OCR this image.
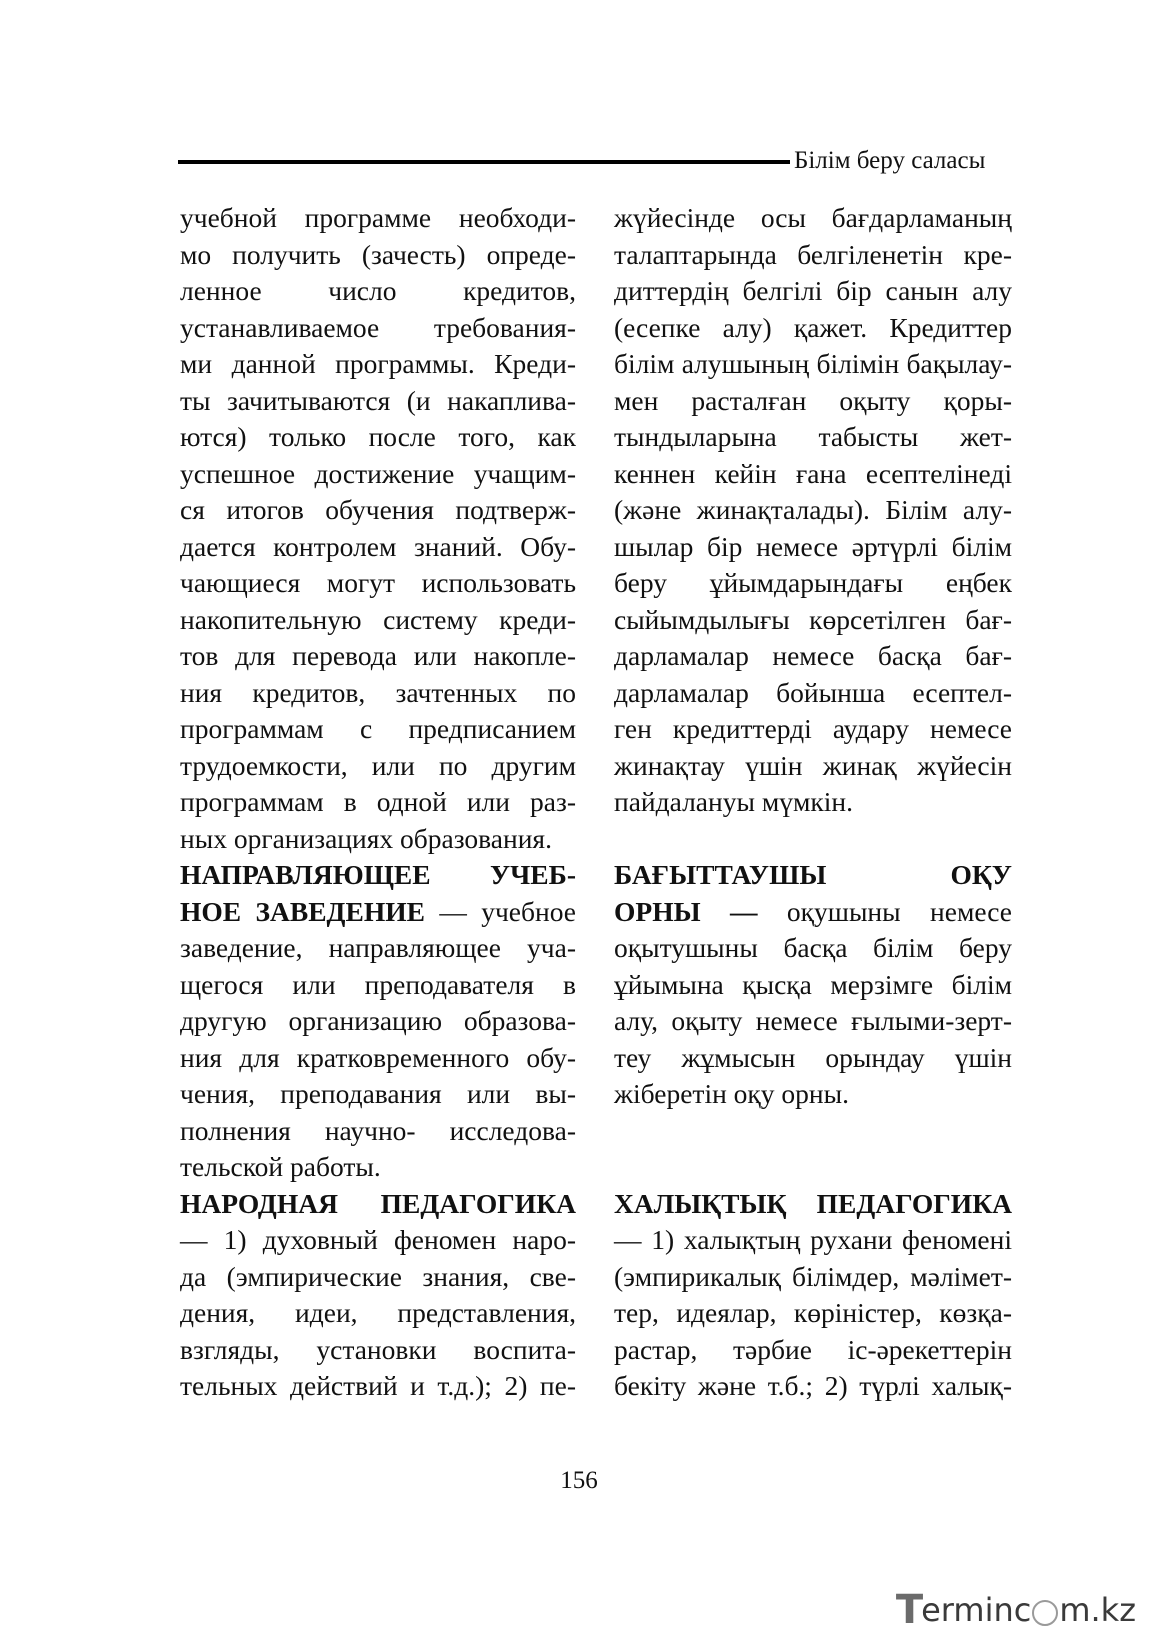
Білім беру саласы
учебной программе необходи-
мо получить (зачесть) опреде-
ленное число кредитов,
устанавливаемое требования-
ми данной программы. Креди-
ты зачитываются (и накаплива-
ются) только после того, как
успешное достижение учащим-
ся итогов обучения подтверж-
дается контролем знаний. Обу-
чающиеся могут использовать
накопительную систему креди-
тов для перевода или накопле-
ния кредитов, зачтенных по
программам с предписанием
трудоемкости, или по другим
программам в одной или раз-
ных организациях образования.
НАПРАВЛЯЮЩЕЕ УЧЕБ-
НОЕ ЗАВЕДЕНИЕ — учебное
заведение, направляющее уча-
щегося или преподавателя в
другую организацию образова-
ния для кратковременного обу-
чения, преподавания или вы-
полнения научно- исследова-
тельской работы.
НАРОДНАЯ ПЕДАГОГИКА
— 1) духовный феномен наро-
да (эмпирические знания, све-
дения, идеи, представления,
взгляды, установки воспита-
тельных действий и т.д.); 2) пе-
жүйесінде осы бағдарламаның
талаптарында белгіленетін кре-
диттердің белгілі бір санын алу
(есепке алу) қажет. Кредиттер
білім алушының білімін бақылау-
мен расталған оқыту қоры-
тындыларына табысты жет-
кеннен кейін ғана есептелінеді
(және жинақталады). Білім алу-
шылар бір немесе әртүрлі білім
беру ұйымдарындағы еңбек
сыйымдылығы көрсетілген бағ-
дарламалар немесе басқа бағ-
дарламалар бойынша есептел-
ген кредиттерді аудару немесе
жинақтау үшін жинақ жүйесін
пайдалануы мүмкін.
БАҒЫТТАУШЫ ОҚУ
ОРНЫ — оқушыны немесе
оқытушыны басқа білім беру
ұйымына қысқа мерзімге білім
алу, оқыту немесе ғылыми-зерт-
теу жұмысын орындау үшін
жіберетін оқу орны.
ХАЛЫҚТЫҚ ПЕДАГОГИКА
— 1) халықтың рухани феномені
(эмпирикалық білімдер, мәлімет-
тер, идеялар, көріністер, көзқа-
растар, тәрбие іс-әрекеттерін
бекіту және т.б.; 2) түрлі халық-
156
T
erminc m.kz
